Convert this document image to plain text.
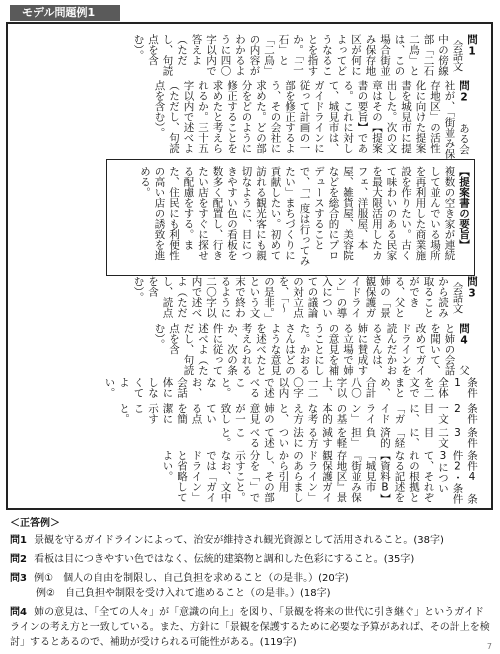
モデル問題例1
問1 会話文中の傍線部「二石二鳥」とは、この場合街並み保存地区が何によってどうなることを指すか。「二石」と「二鳥」の内容がわかるように四〇字以内で答えよ（ただし、句読点を含む）。
問2 ある会社が、「街並み保存地区」の活性化に向けた提案書を城見市に提出した。次の文章はその【提案書の要旨】である。これに対して、城見市は、ガイドラインに従って計画の一部を修正するよう、その会社に求めた。どの部分をどのように修正することを求めたと考えられるか。三十五字以内で述べよ（ただし、句読点を含む）。
【提案書の要旨】 複数の空き家が連続して並んでいる場所を再利用した商業施設を作りたい。古くて味わいのある民家を最大限活用したカフェ、洋服屋、本屋、雑貨屋、美容院などを総合的にプロデュースすることで、「一度は行ってみたい」まちづくりに貢献したい。初めて訪れる観光客にも親切なように、目につきやすい色の看板を数多く配置し、行きたい店をすぐに探せる配慮をする。また、住民にも利便性の高い店の誘致を進める。
問3 会話文から読み取ることができる、父と姉の「景観保護ガイドライン」の導入についての議論の対立点を、「〜の是非。」という文末で終わるように二〇字以内で述べよ（ただし、読点を含む）。
問4 父と姉の会話を聞いて、改めてガイドラインを読んだかおるさんは、姉に賛成する立場で姉の意見を補うことにした。かおるさんはどのような意見を述べたと考えられるか、次の条件に従って述べよ（ただし、句読点を含む）。
条件1　全体を二文でまとめ、合計八〇字以上、一二〇字以内で述べること。なお、会話体にしなくてよい。
条件2　一文目に、「ガイドライン」の基本的な考え方と、姉の意見が一致している点を簡潔に示すこと。
条件3　二文目に、「経済的負担」を軽減する方法について述べること。
条件4　条件2・条件3について、それぞれの根拠となる記述を【資料B】「城見市『街並み保存地区』景観保護ガイドライン」のあらましから引用し、その部分を「」で示すこと。なお、文中では「ガイドライン」と省略してよい。
＜正答例＞
問1 景観を守るガイドラインによって、治安が維持され観光資源として活用されること。(38字)
問2 看板は目につきやすい色ではなく、伝統的建築物と調和した色彩にすること。(35字)
問3 例①　個人の自由を制限し、自己負担を求めること（の是非。）(20字)
例②　自己負担や制限を受け入れて進めること（の是非。）(18字)
問4 姉の意見は、「全ての人々」が「意識の向上」を図り、「景観を将来の世代に引き継ぐ」というガイドラインの考え方と一致している。また、方針に「景観を保護するために必要な予算があれば、その計上を検討」するとあるので、補助が受けられる可能性がある。(119字)	7
